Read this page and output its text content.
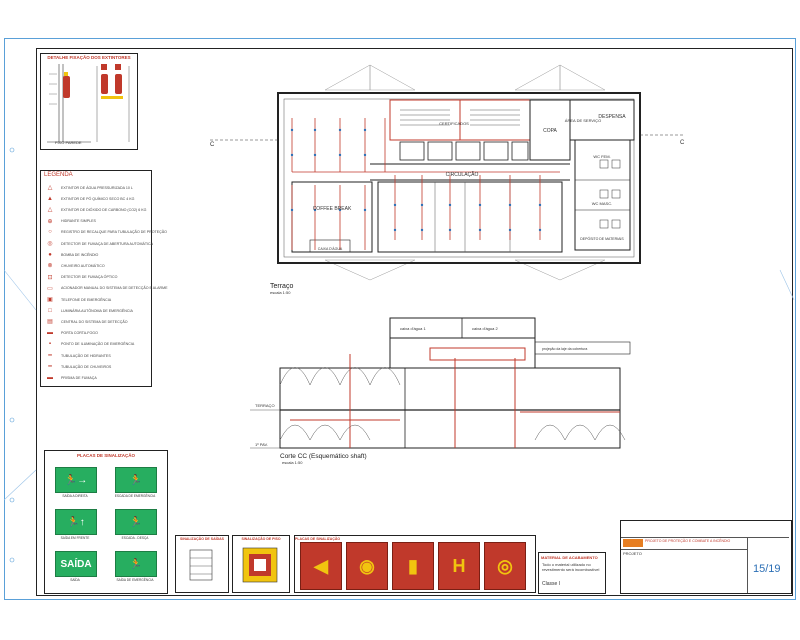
DETALHE FIXAÇÃO DOS EXTINTORES
FIXO PAREDE
LEGENDA
△	EXTINTOR DE ÁGUA PRESSURIZADA 10 L
▲	EXTINTOR DE PÓ QUÍMICO SECO BC 4 KG
△	EXTINTOR DE DIÓXIDO DE CARBONO (CO2) 6 KG
⊕	HIDRANTE SIMPLES
○	REGISTRO DE RECALQUE PARA TUBULAÇÃO DE PROTEÇÃO
◎	DETECTOR DE FUMAÇA DE ABERTURA AUTOMÁTICA
●	BOMBA DE INCÊNDIO
⊗	CHUVEIRO AUTOMÁTICO
⊡	DETECTOR DE FUMAÇA ÓPTICO
▭	ACIONADOR MANUAL DO SISTEMA DE DETECÇÃO E ALARME
▣	TELEFONE DE EMERGÊNCIA
□	LUMINÁRIA AUTÔNOMA DE EMERGÊNCIA
▤	CENTRAL DO SISTEMA DE DETECÇÃO
▬	PORTA CORTA-FOGO
▪	PONTO DE ILUMINAÇÃO DE EMERGÊNCIA
━	TUBULAÇÃO DE HIDRANTES
━	TUBULAÇÃO DE CHUVEIROS
▬	PRISMA DE FUMAÇA
C	C
CERTIFICADOS
COPA
ÁREA DE SERVIÇO
DESPENSA
CIRCULAÇÃO
COFFEE BREAK
WC FEM.
WC MASC.
DEPÓSITO DE MATERIAIS
CAIXA D'ÁGUA
Terraço
escala 1:50
caixa d'água 1	caixa d'água 2
projeção da laje da cobertura
TERRAÇO
1º PAV.
Corte CC (Esquemático shaft)
escala 1:50
PLACAS DE SINALIZAÇÃO
🏃→
SAÍDA A DIREITA
🏃
ESCADA DE EMERGÊNCIA
🏃↑
SAÍDA EM FRENTE
🏃
ESCADA - DESÇA
SAÍDA
SAÍDA
🏃
SAÍDA DE EMERGÊNCIA
SINALIZAÇÃO DE SAÍDAS	SINALIZAÇÃO DE PISO	PLACAS DE SINALIZAÇÃO
◀	◉	▮	H	◎	MATERIAL DE ACABAMENTO
Todo o material utilizado no revestimento será incombustível
Classe I
PROJETO DE PROTEÇÃO E COMBATE A INCÊNDIO
PROJETO
15/19
